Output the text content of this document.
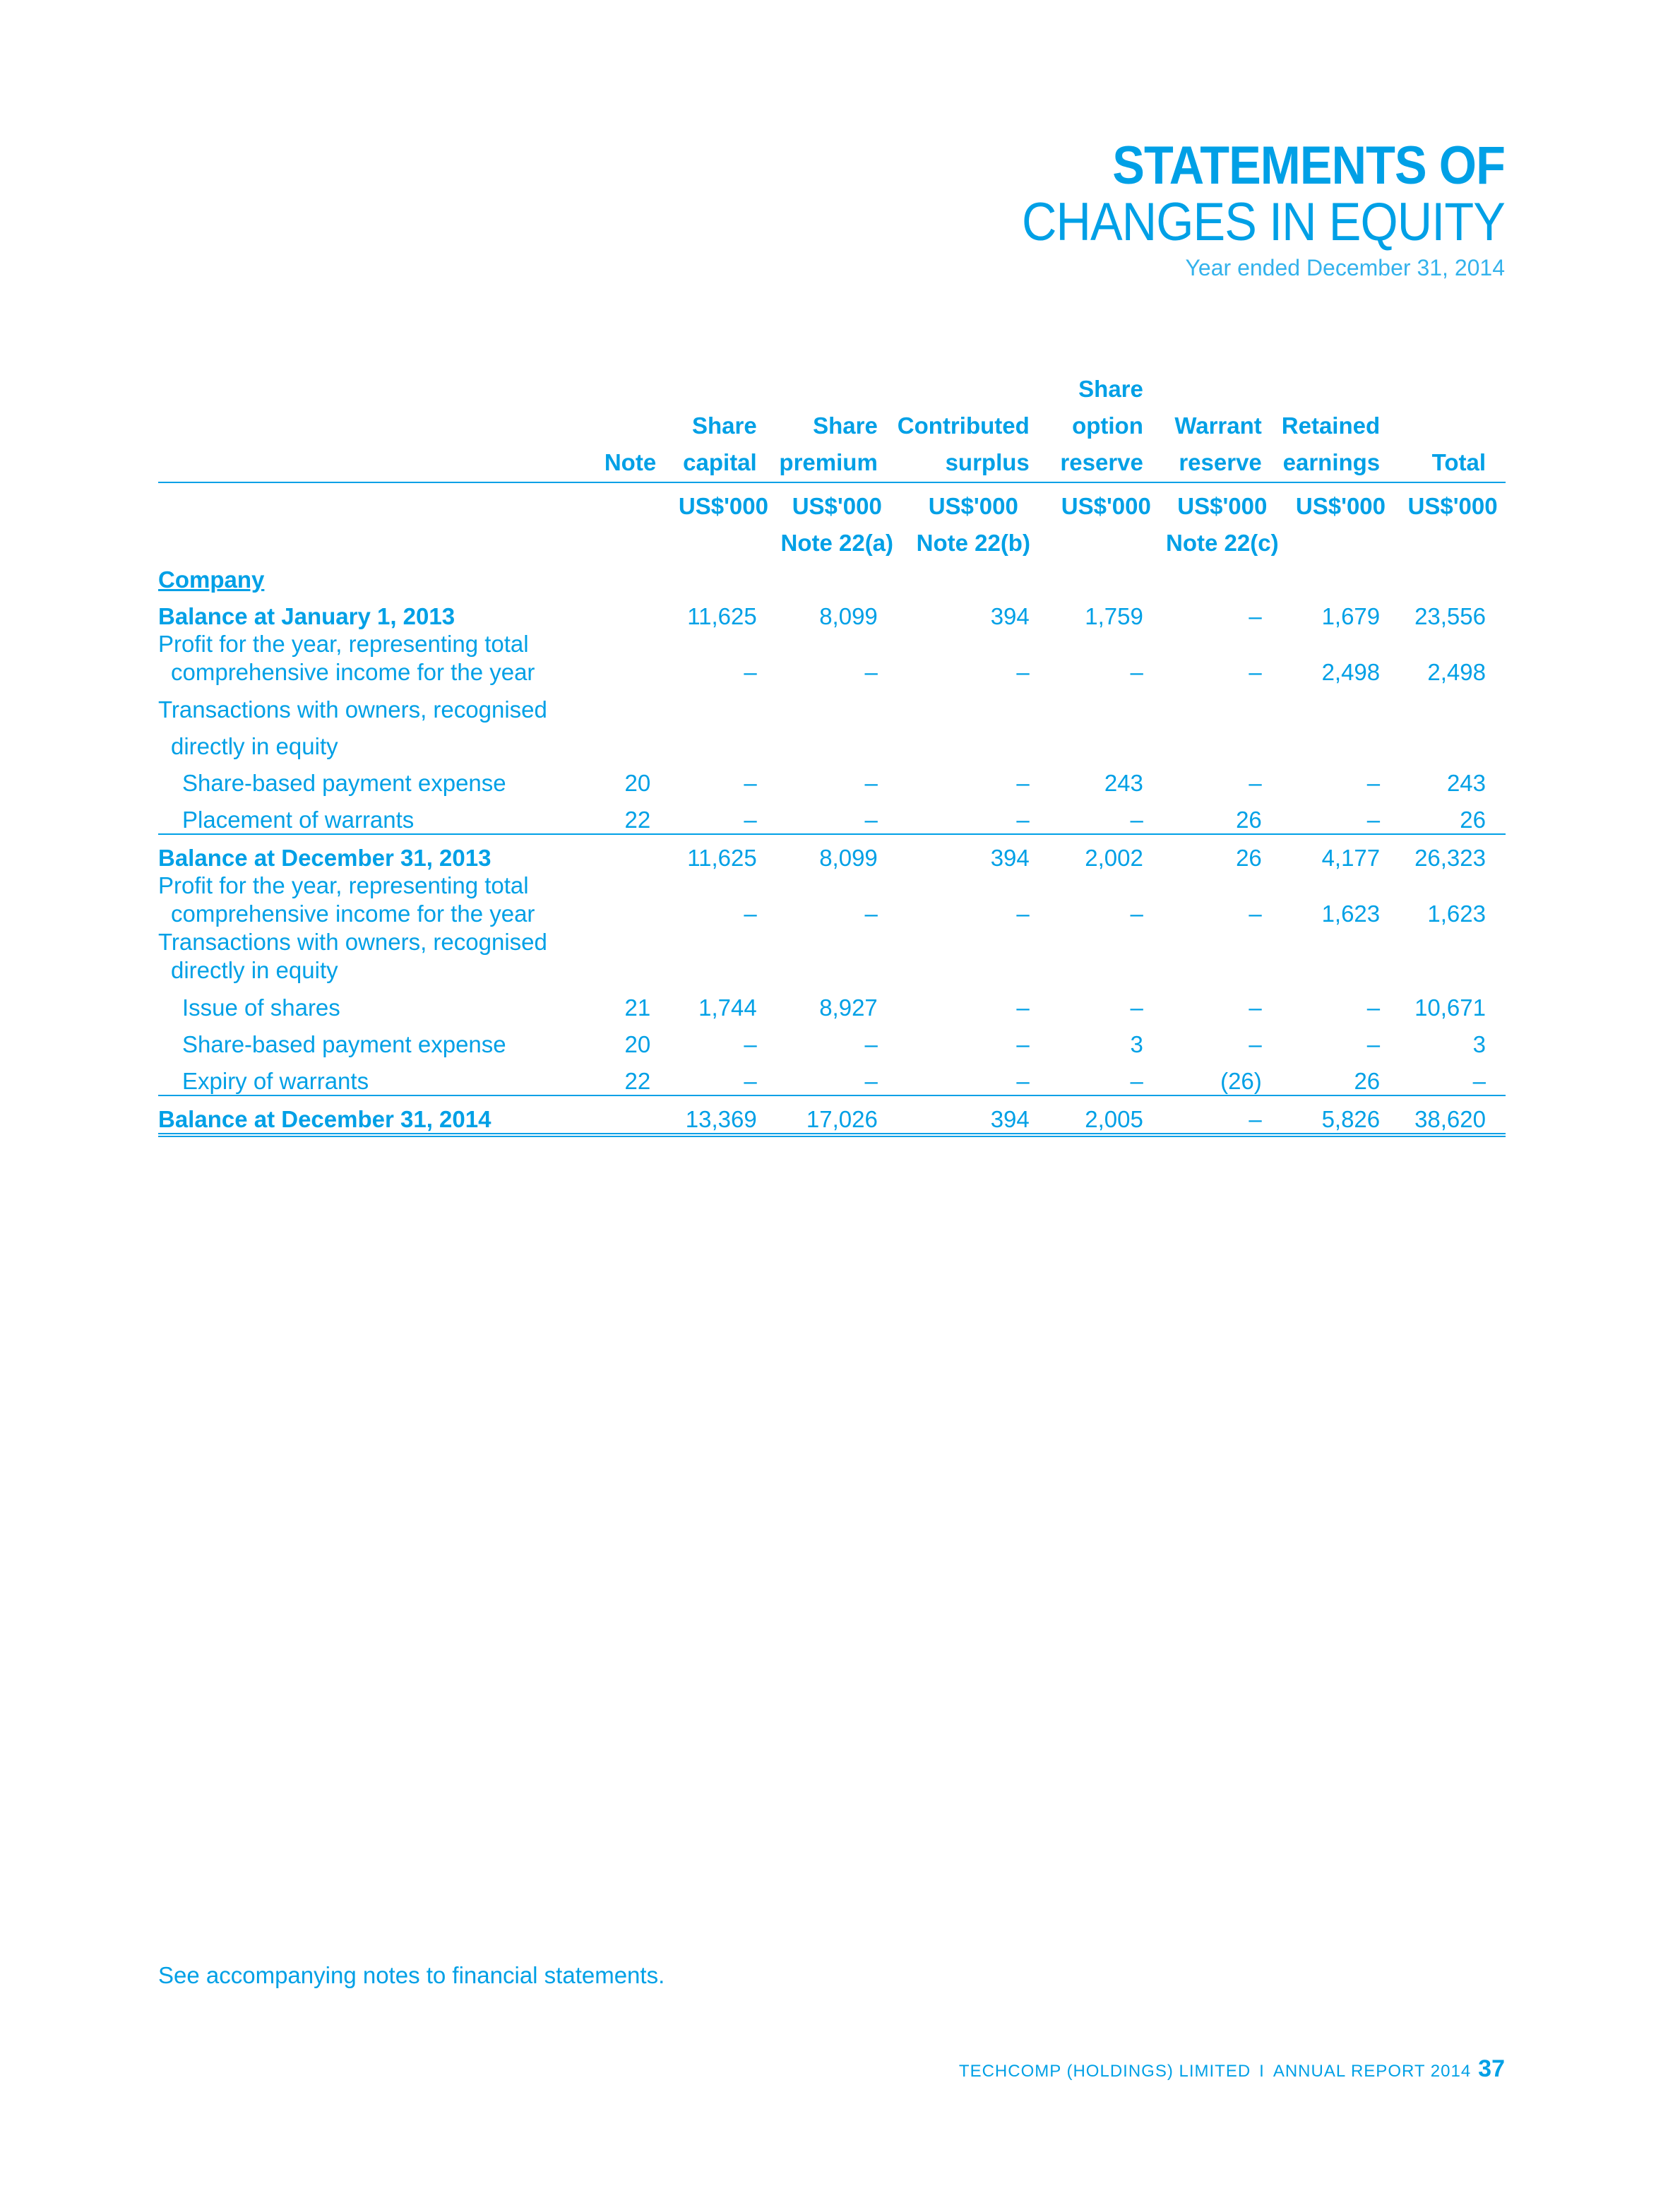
STATEMENTS OF
CHANGES IN EQUITY
Year ended December 31, 2014
					Share			
		Share	Share	Contributed	option	Warrant	Retained	
	Note	capital	premium	surplus	reserve	reserve	earnings	Total
		US$'000	US$'000	US$'000	US$'000	US$'000	US$'000	US$'000
			Note 22(a)	Note 22(b)		Note 22(c)		
Company								
Balance at January 1, 2013		11,625	8,099	394	1,759	–	1,679	23,556
Profit for the year, representing total
comprehensive income for the year		–	–	–	–	–	2,498	2,498
Transactions with owners, recognised								
directly in equity								
Share-based payment expense	20	–	–	–	243	–	–	243
Placement of warrants	22	–	–	–	–	26	–	26
Balance at December 31, 2013		11,625	8,099	394	2,002	26	4,177	26,323
Profit for the year, representing total
comprehensive income for the year		–	–	–	–	–	1,623	1,623
Transactions with owners, recognised
directly in equity								
Issue of shares	21	1,744	8,927	–	–	–	–	10,671
Share-based payment expense	20	–	–	–	3	–	–	3
Expiry of warrants	22	–	–	–	–	(26)	26	–
Balance at December 31, 2014		13,369	17,026	394	2,005	–	5,826	38,620
See accompanying notes to financial statements.
TECHCOMP (HOLDINGS) LIMITED I ANNUAL REPORT 2014 37
